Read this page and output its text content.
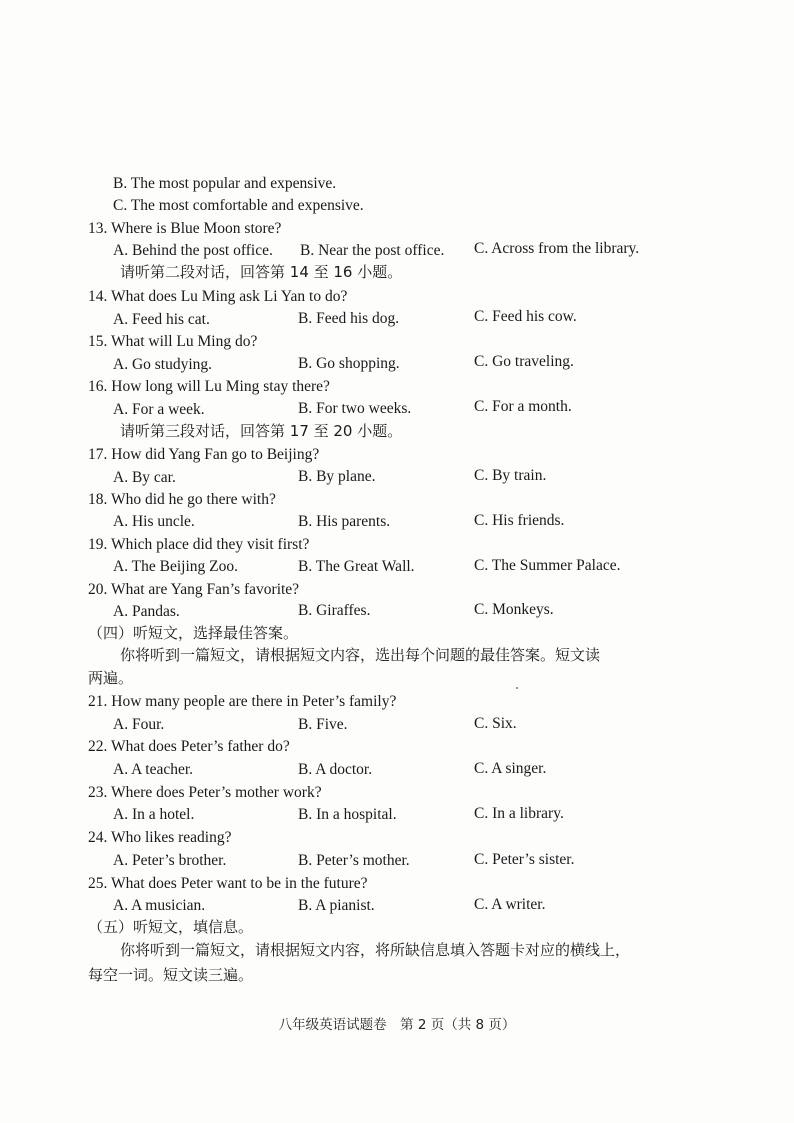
B. The most popular and expensive.
C. The most comfortable and expensive.
13. Where is Blue Moon store?
A. Behind the post office. B. Near the post office. C. Across from the library.
请听第二段对话，回答第 14 至 16 小题。
14. What does Lu Ming ask Li Yan to do?
A. Feed his cat.	B. Feed his dog.	C. Feed his cow.
15. What will Lu Ming do?
A. Go studying.	B. Go shopping.	C. Go traveling.
16. How long will Lu Ming stay there?
A. For a week.	B. For two weeks.	C. For a month.
请听第三段对话，回答第 17 至 20 小题。
17. How did Yang Fan go to Beijing?
A. By car.	B. By plane.	C. By train.
18. Who did he go there with?
A. His uncle.	B. His parents.	C. His friends.
19. Which place did they visit first?
A. The Beijing Zoo.	B. The Great Wall.	C. The Summer Palace.
20. What are Yang Fan’s favorite?
A. Pandas.	B. Giraffes.	C. Monkeys.
（四）听短文，选择最佳答案。
你将听到一篇短文，请根据短文内容，选出每个问题的最佳答案。短文读
两遍。
21. How many people are there in Peter’s family?
A. Four.	B. Five.	C. Six.
22. What does Peter’s father do?
A. A teacher.	B. A doctor.	C. A singer.
23. Where does Peter’s mother work?
A. In a hotel.	B. In a hospital.	C. In a library.
24. Who likes reading?
A. Peter’s brother.	B. Peter’s mother.	C. Peter’s sister.
25. What does Peter want to be in the future?
A. A musician.	B. A pianist.	C. A writer.
（五）听短文，填信息。
你将听到一篇短文，请根据短文内容，将所缺信息填入答题卡对应的横线上，
每空一词。短文读三遍。
八年级英语试题卷　第 2 页（共 8 页）
